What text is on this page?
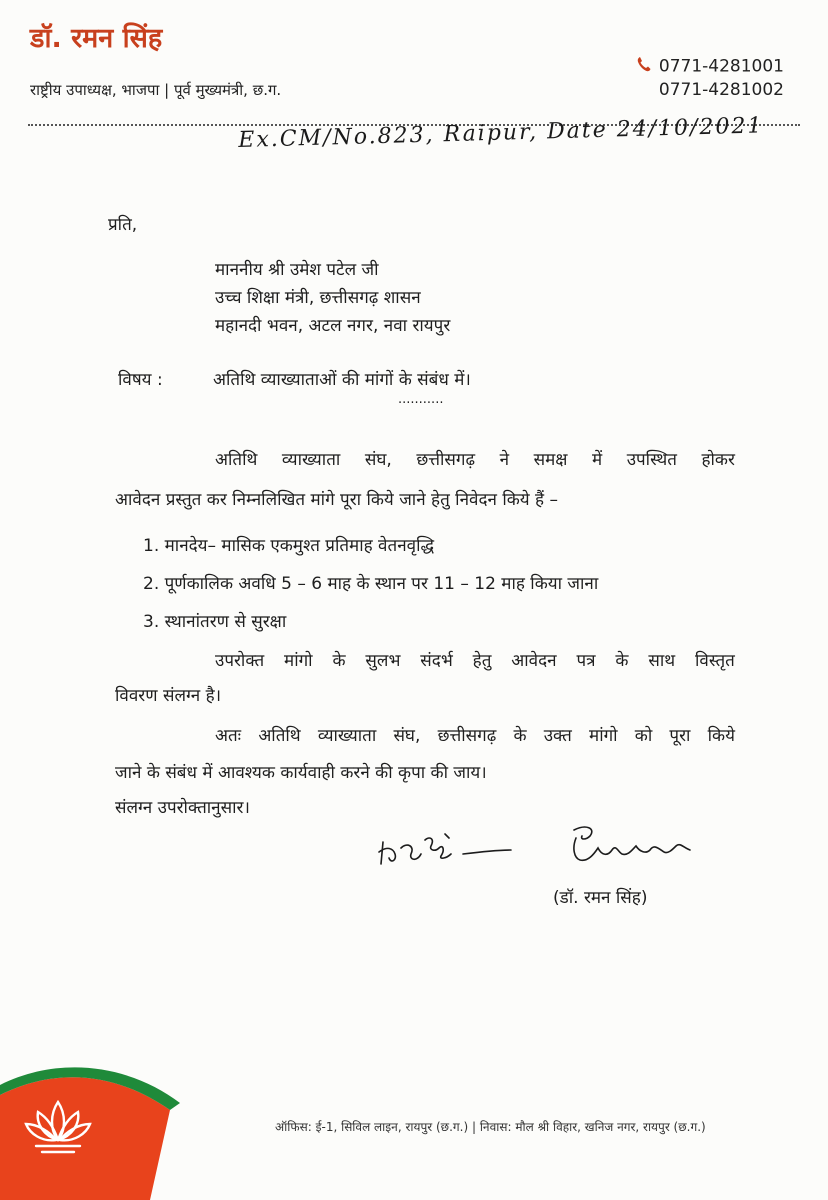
डॉ. रमन सिंह
राष्ट्रीय उपाध्यक्ष, भाजपा | पूर्व मुख्यमंत्री, छ.ग.
0771-4281001
0771-4281002
Ex.CM/No.823, Raipur, Date 24/10/2021
प्रति,
माननीय श्री उमेश पटेल जी
उच्च शिक्षा मंत्री, छत्तीसगढ़ शासन
महानदी भवन, अटल नगर, नवा रायपुर
विषय :	अतिथि व्याख्याताओं की मांगों के संबंध में।
...........
अतिथि व्याख्याता संघ, छत्तीसगढ़ ने समक्ष में उपस्थित होकर
आवेदन प्रस्तुत कर निम्नलिखित मांगे पूरा किये जाने हेतु निवेदन किये हैं –
1. मानदेय– मासिक एकमुश्त प्रतिमाह वेतनवृद्धि
2. पूर्णकालिक अवधि 5 – 6 माह के स्थान पर 11 – 12 माह किया जाना
3. स्थानांतरण से सुरक्षा
उपरोक्त मांगो के सुलभ संदर्भ हेतु आवेदन पत्र के साथ विस्तृत
विवरण संलग्न है।
अतः अतिथि व्याख्याता संघ, छत्तीसगढ़ के उक्त मांगो को पूरा किये
जाने के संबंध में आवश्यक कार्यवाही करने की कृपा की जाय।
संलग्न उपरोक्तानुसार।
(डॉ. रमन सिंह)
ऑफिस: ई-1, सिविल लाइन, रायपुर (छ.ग.) | निवास: मौल श्री विहार, खनिज नगर, रायपुर (छ.ग.)
